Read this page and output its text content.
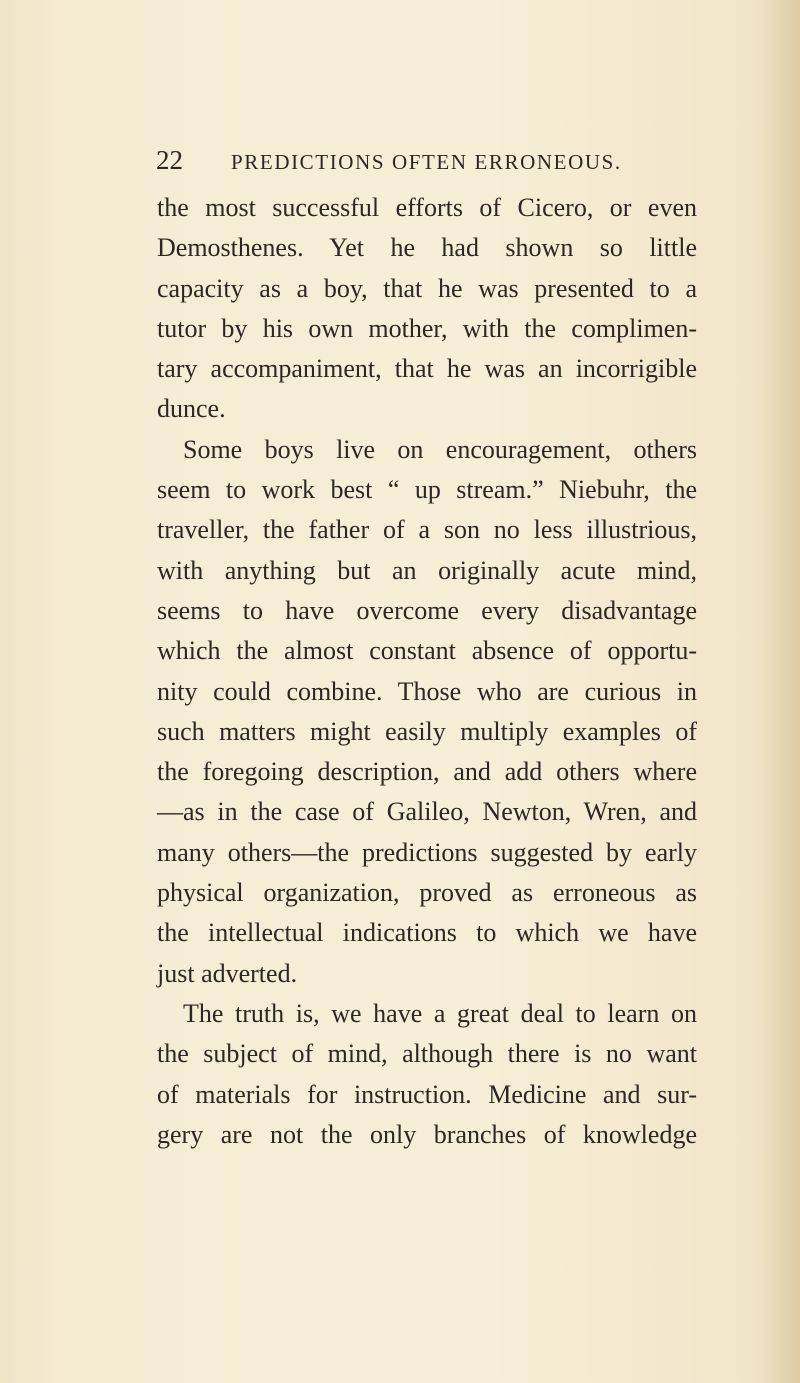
22 PREDICTIONS OFTEN ERRONEOUS.
the most successful efforts of Cicero, or even
Demosthenes. Yet he had shown so little
capacity as a boy, that he was presented to a
tutor by his own mother, with the complimen-
tary accompaniment, that he was an incorrigible
dunce.
Some boys live on encouragement, others
seem to work best “ up stream.” Niebuhr, the
traveller, the father of a son no less illustrious,
with anything but an originally acute mind,
seems to have overcome every disadvantage
which the almost constant absence of opportu-
nity could combine. Those who are curious in
such matters might easily multiply examples of
the foregoing description, and add others where
—as in the case of Galileo, Newton, Wren, and
many others—the predictions suggested by early
physical organization, proved as erroneous as
the intellectual indications to which we have
just adverted.
The truth is, we have a great deal to learn on
the subject of mind, although there is no want
of materials for instruction. Medicine and sur-
gery are not the only branches of knowledge
